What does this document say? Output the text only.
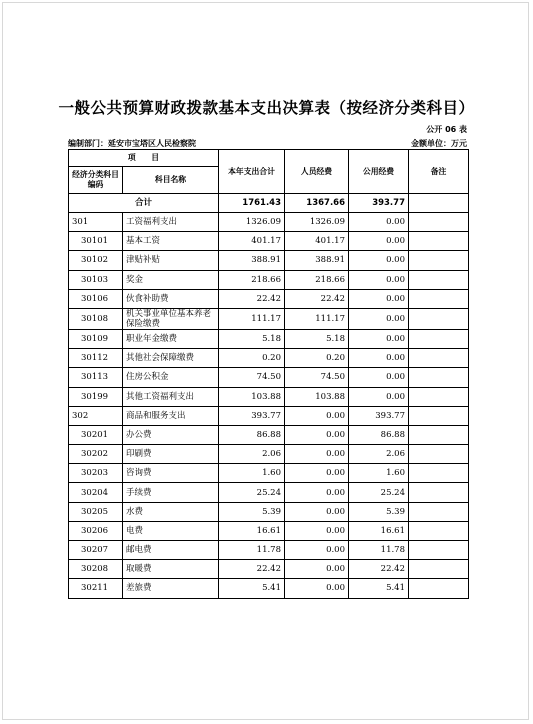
一般公共预算财政拨款基本支出决算表（按经济分类科目）
公开 06 表
编制部门：延安市宝塔区人民检察院	金额单位：万元
项　　目		本年支出合计	人员经费	公用经费	备注
经济分类科目编码	科目名称				
合计		1761.43	1367.66	393.77	
301	工资福利支出	1326.09	1326.09	0.00	
30101	基本工资	401.17	401.17	0.00	
30102	津贴补贴	388.91	388.91	0.00	
30103	奖金	218.66	218.66	0.00	
30106	伙食补助费	22.42	22.42	0.00	
30108	机关事业单位基本养老保险缴费	111.17	111.17	0.00	
30109	职业年金缴费	5.18	5.18	0.00	
30112	其他社会保障缴费	0.20	0.20	0.00	
30113	住房公积金	74.50	74.50	0.00	
30199	其他工资福利支出	103.88	103.88	0.00	
302	商品和服务支出	393.77	0.00	393.77	
30201	办公费	86.88	0.00	86.88	
30202	印刷费	2.06	0.00	2.06	
30203	咨询费	1.60	0.00	1.60	
30204	手续费	25.24	0.00	25.24	
30205	水费	5.39	0.00	5.39	
30206	电费	16.61	0.00	16.61	
30207	邮电费	11.78	0.00	11.78	
30208	取暖费	22.42	0.00	22.42	
30211	差旅费	5.41	0.00	5.41	
